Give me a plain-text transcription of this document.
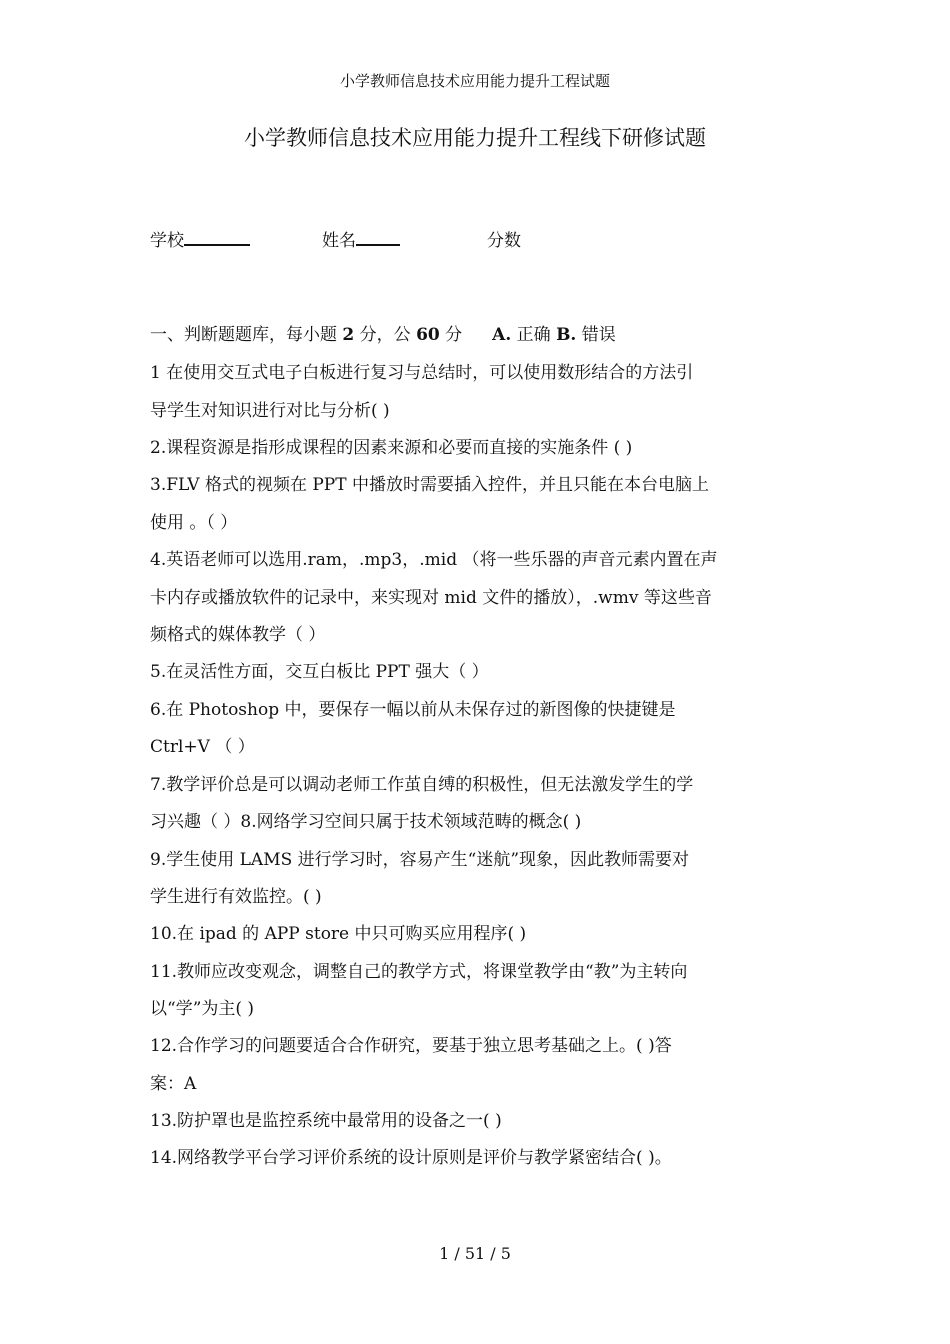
小学教师信息技术应用能力提升工程试题
小学教师信息技术应用能力提升工程线下研修试题
学校	姓名	分数
一、判断题题库，每小题 2 分，公 60 分 A. 正确 B. 错误
1 在使用交互式电子白板进行复习与总结时，可以使用数形结合的方法引
导学生对知识进行对比与分析( )
2.课程资源是指形成课程的因素来源和必要而直接的实施条件 ( )
3.FLV 格式的视频在 PPT 中播放时需要插入控件，并且只能在本台电脑上
使用 。（ ）
4.英语老师可以选用.ram，.mp3，.mid （将一些乐器的声音元素内置在声
卡内存或播放软件的记录中，来实现对 mid 文件的播放），.wmv 等这些音
频格式的媒体教学（ ）
5.在灵活性方面，交互白板比 PPT 强大（ ）
6.在 Photoshop 中，要保存一幅以前从未保存过的新图像的快捷键是
Ctrl+V （ ）
7.教学评价总是可以调动老师工作茧自缚的积极性，但无法激发学生的学
习兴趣（ ）8.网络学习空间只属于技术领域范畴的概念( )
9.学生使用 LAMS 进行学习时，容易产生“迷航”现象，因此教师需要对
学生进行有效监控。( )
10.在 ipad 的 APP store 中只可购买应用程序( )
11.教师应改变观念，调整自己的教学方式，将课堂教学由“教”为主转向
以“学”为主( )
12.合作学习的问题要适合合作研究，要基于独立思考基础之上。( )答
案：A
13.防护罩也是监控系统中最常用的设备之一( )
14.网络教学平台学习评价系统的设计原则是评价与教学紧密结合( )。
1 / 51 / 5
